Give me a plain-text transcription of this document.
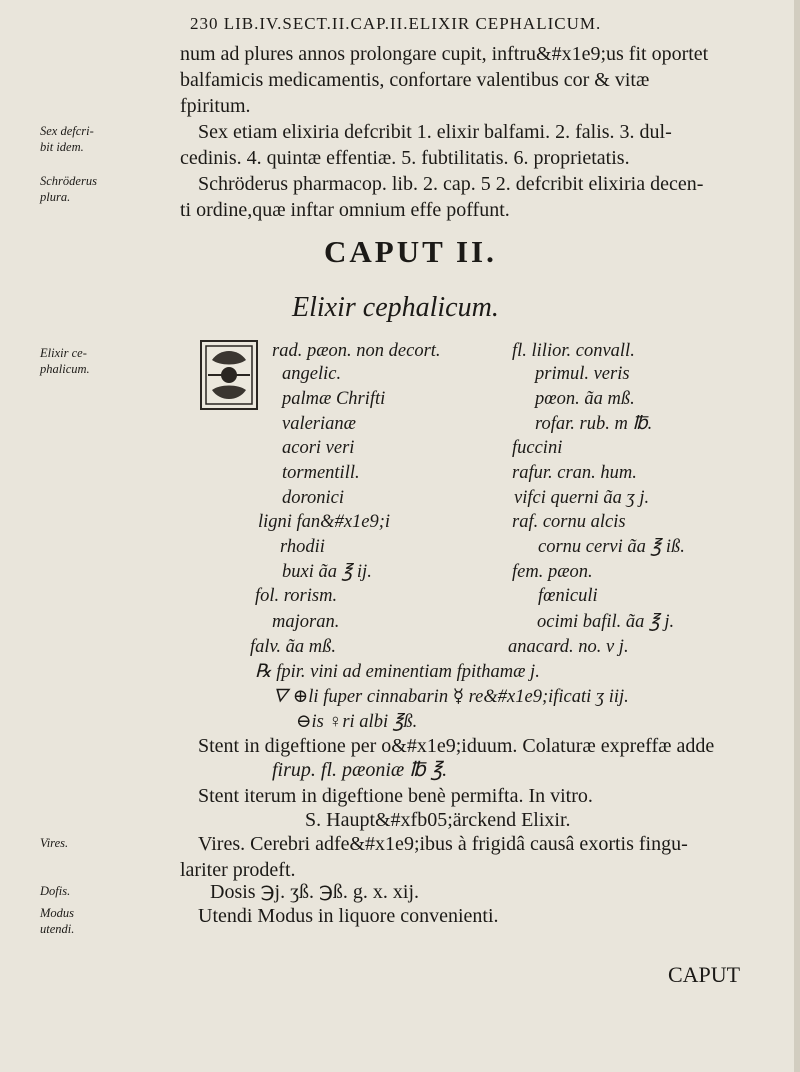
230 LIB.IV.SECT.II.CAP.II.ELIXIR CEPHALICUM.
num ad plures annos prolongare cupit, inftru&#x1e9;us fit oportet
balfamicis medicamentis, confortare valentibus cor & vitæ
fpiritum.
Sex etiam elixiria defcribit 1. elixir balfami. 2. falis. 3. dul-
cedinis. 4. quintæ effentiæ. 5. fubtilitatis. 6. proprietatis.
Schröderus pharmacop. lib. 2. cap. 5 2. defcribit elixiria decen-
ti ordine,quæ inftar omnium effe poffunt.
Sex defcri-
bit idem.
Schröderus
plura.
CAPUT II.
Elixir cephalicum.
Elixir ce-
phalicum.
rad. pæon. non decort.
angelic.
palmæ Chrifti
valerianæ
acori veri
tormentill.
doronici
ligni fan&#x1e9;i
rhodii
buxi ãa ℥ ij.
fol. rorism.
majoran.
falv. ãa mß.
fl. lilior. convall.
primul. veris
pœon. ãa mß.
rofar. rub. m ℔.
fuccini
rafur. cran. hum.
vifci querni ãa ʒ j.
raf. cornu alcis
cornu cervi ãa ℥ iß.
fem. pæon.
fœniculi
ocimi bafil. ãa ℥ j.
anacard. no. v j.
℞ fpir. vini ad eminentiam fpithamæ j.
🜄 ⊕li fuper cinnabarin ☿ re&#x1e9;ificati ʒ iij.
⊖is ♀ri albi ℥ß.
Stent in digeftione per o&#x1e9;iduum. Colaturæ expreffæ adde
firup. fl. pæoniæ ℔ ℥.
Stent iterum in digeftione benè permifta. In vitro.
S. Haupt&#xfb05;ärckend Elixir.
Vires.	Vires. Cerebri adfe&#x1e9;ibus à frigidâ causâ exortis fingu-
lariter prodeft.
Dofis.	Dosis ℈j. ʒß. ℈ß. g. x. xij.
Modus
utendi.
Utendi Modus in liquore convenienti.
CAPUT
